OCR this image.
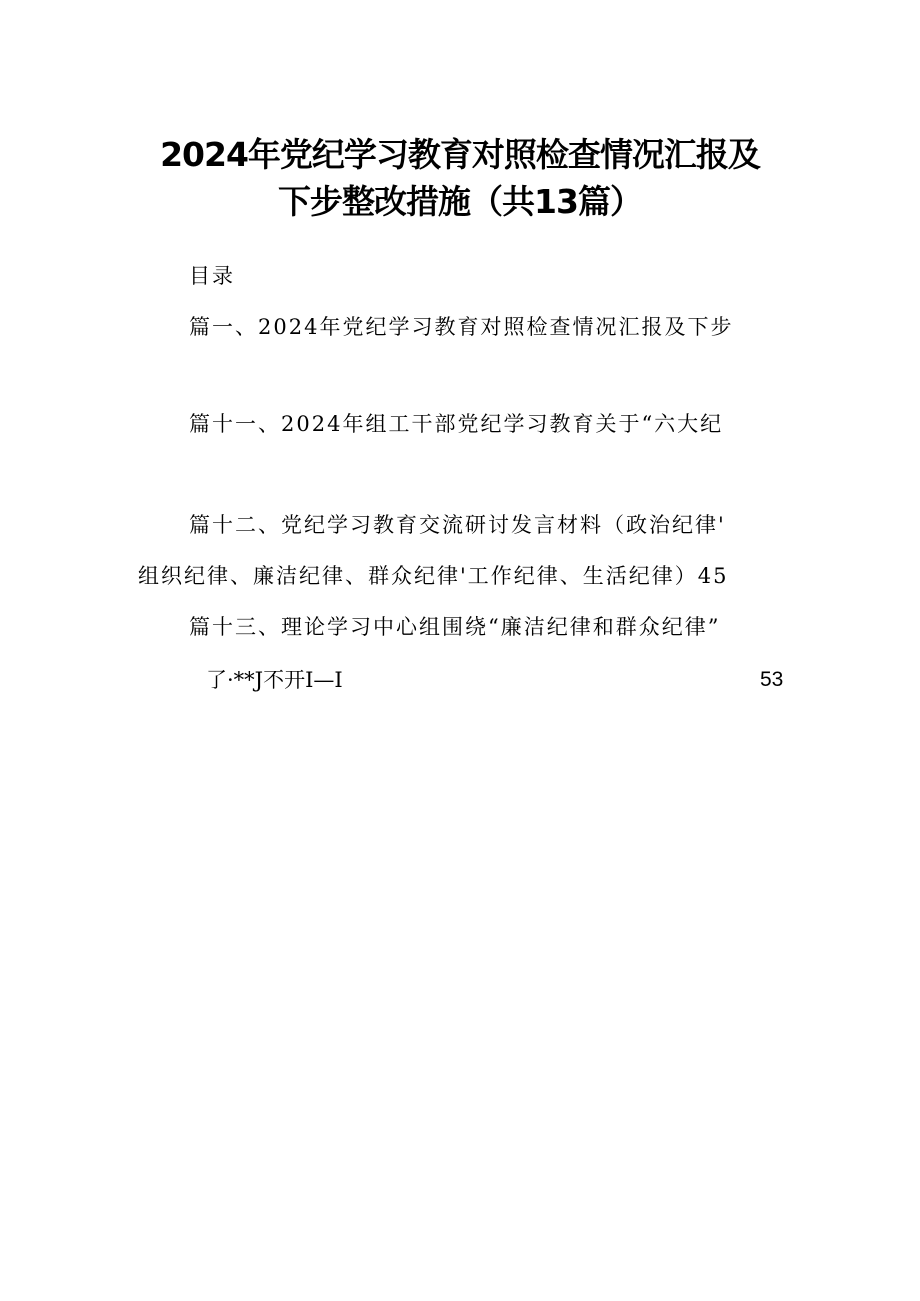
2024年党纪学习教育对照检查情况汇报及
下步整改措施（共13篇）
目录
篇一、2024年党纪学习教育对照检查情况汇报及下步
篇十一、2024年组工干部党纪学习教育关于“六大纪
篇十二、党纪学习教育交流研讨发言材料（政治纪律'
组织纪律、廉洁纪律、群众纪律'工作纪律、生活纪律）45
篇十三、理论学习中心组围绕“廉洁纪律和群众纪律”
了·**J不开I—I	53
